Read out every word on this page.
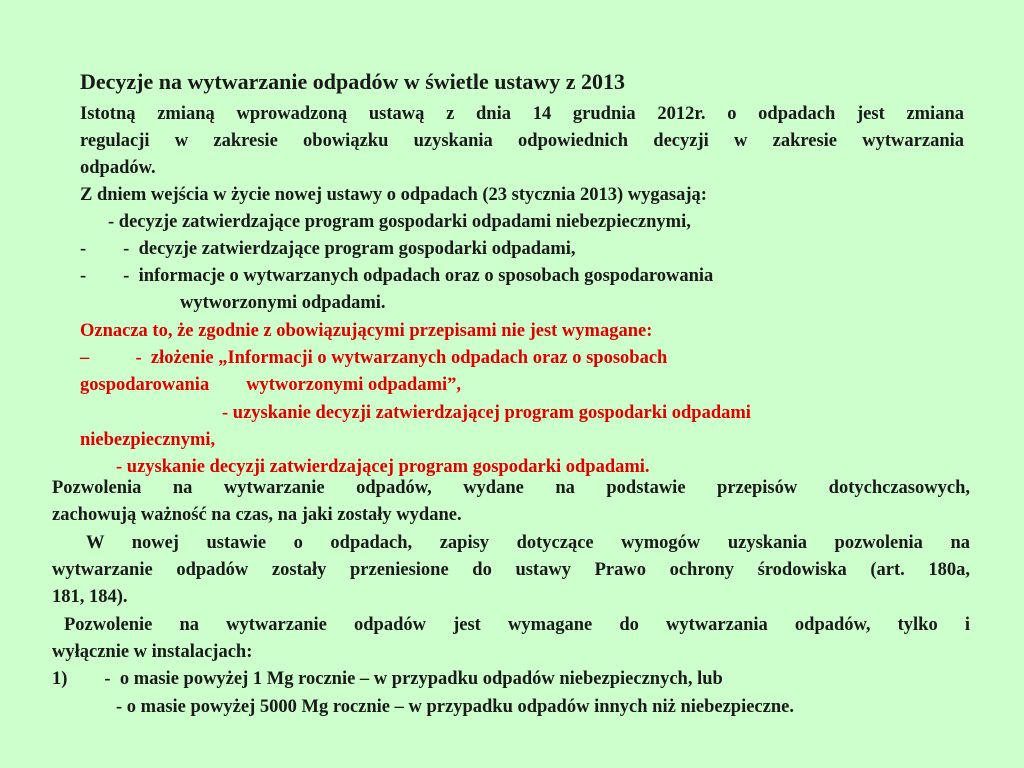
Decyzje na wytwarzanie odpadów w świetle ustawy z 2013
Istotną zmianą wprowadzoną ustawą z dnia 14 grudnia 2012r. o odpadach jest zmiana
regulacji w zakresie obowiązku uzyskania odpowiednich decyzji w zakresie wytwarzania
odpadów.
Z dniem wejścia w życie nowej ustawy o odpadach (23 stycznia 2013) wygasają:
- decyzje zatwierdzające program gospodarki odpadami niebezpiecznymi,
-        -  decyzje zatwierdzające program gospodarki odpadami,
-        -  informacje o wytwarzanych odpadach oraz o sposobach gospodarowania
wytworzonymi odpadami.
Oznacza to, że zgodnie z obowiązującymi przepisami nie jest wymagane:
–          -  złożenie „Informacji o wytwarzanych odpadach oraz o sposobach
gospodarowania        wytworzonymi odpadami”,
- uzyskanie decyzji zatwierdzającej program gospodarki odpadami
niebezpiecznymi,
- uzyskanie decyzji zatwierdzającej program gospodarki odpadami.
Pozwolenia na wytwarzanie odpadów, wydane na podstawie przepisów dotychczasowych,
zachowują ważność na czas, na jaki zostały wydane.
W nowej ustawie o odpadach, zapisy dotyczące wymogów uzyskania pozwolenia na
wytwarzanie odpadów zostały przeniesione do ustawy Prawo ochrony środowiska (art. 180a,
181, 184).
Pozwolenie na wytwarzanie odpadów jest wymagane do wytwarzania odpadów, tylko i
wyłącznie w instalacjach:
1)        -  o masie powyżej 1 Mg rocznie – w przypadku odpadów niebezpiecznych, lub
- o masie powyżej 5000 Mg rocznie – w przypadku odpadów innych niż niebezpieczne.
